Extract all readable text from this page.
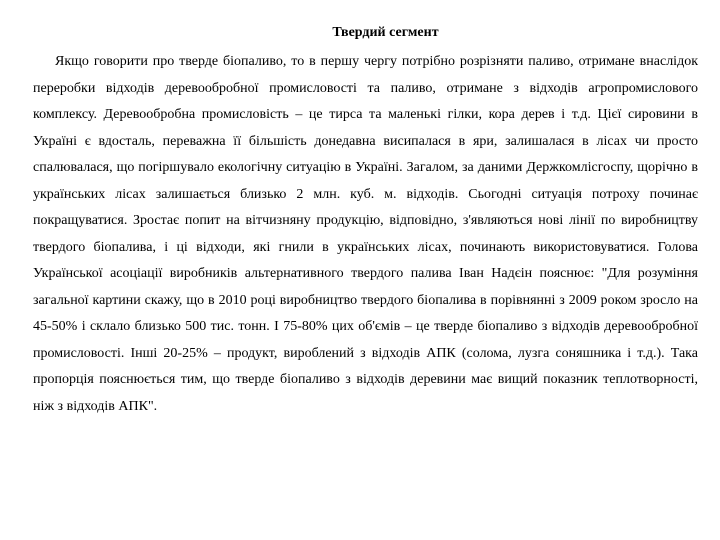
Твердий сегмент

Якщо говорити про тверде біопаливо, то в першу чергу потрібно розрізняти паливо, отримане внаслідок переробки відходів деревообробної промисловості та паливо, отримане з відходів агропромислового комплексу. Деревообробна промисловість – це тирса та маленькі гілки, кора дерев і т.д. Цієї сировини в Україні є вдосталь, переважна її більшість донедавна висипалася в яри, залишалася в лісах чи просто спалювалася, що погіршувало екологічну ситуацію в Україні. Загалом, за даними Держкомлісгоспу, щорічно в українських лісах залишається близько 2 млн. куб. м. відходів. Сьогодні ситуація потроху починає покращуватися. Зростає попит на вітчизняну продукцію, відповідно, з'являються нові лінії по виробництву твердого біопалива, і ці відходи, які гнили в українських лісах, починають використовуватися. Голова Української асоціації виробників альтернативного твердого палива Іван Надєін пояснює: "Для розуміння загальної картини скажу, що в 2010 році виробництво твердого біопалива в порівнянні з 2009 роком зросло на 45-50% і склало близько 500 тис. тонн. І 75-80% цих об'ємів – це тверде біопаливо з відходів деревообробної промисловості. Інші 20-25% – продукт, вироблений з відходів АПК (солома, лузга соняшника і т.д.). Така пропорція пояснюється тим, що тверде біопаливо з відходів деревини має вищий показник теплотворності, ніж з відходів АПК".
